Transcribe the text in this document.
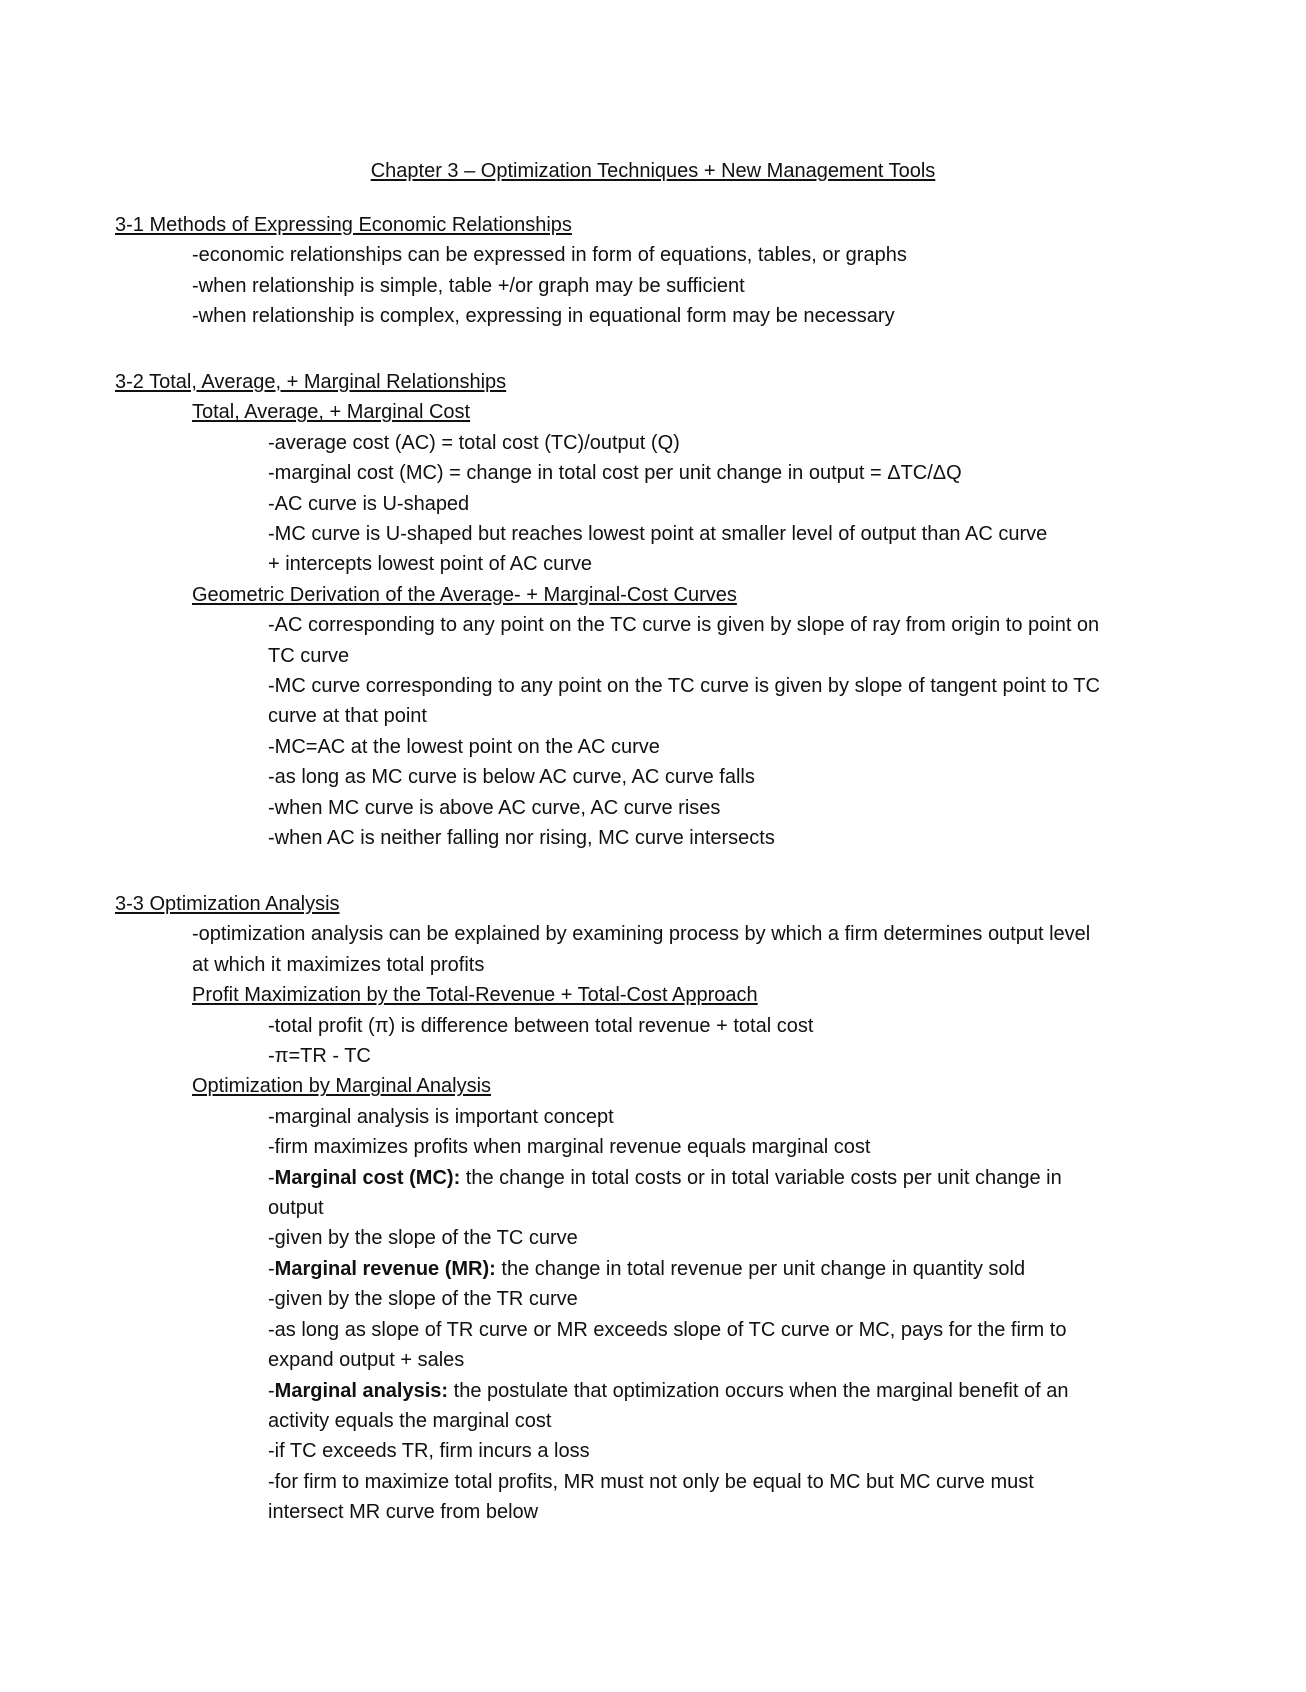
Chapter 3 – Optimization Techniques + New Management Tools
3-1 Methods of Expressing Economic Relationships
-economic relationships can be expressed in form of equations, tables, or graphs
-when relationship is simple, table +/or graph may be sufficient
-when relationship is complex, expressing in equational form may be necessary
3-2 Total, Average, + Marginal Relationships
Total, Average, + Marginal Cost
-average cost (AC) = total cost (TC)/output (Q)
-marginal cost (MC) = change in total cost per unit change in output = ΔTC/ΔQ
-AC curve is U-shaped
-MC curve is U-shaped but reaches lowest point at smaller level of output than AC curve
+ intercepts lowest point of AC curve
Geometric Derivation of the Average- + Marginal-Cost Curves
-AC corresponding to any point on the TC curve is given by slope of ray from origin to point on TC curve
-MC curve corresponding to any point on the TC curve is given by slope of tangent point to TC curve at that point
-MC=AC at the lowest point on the AC curve
-as long as MC curve is below AC curve, AC curve falls
-when MC curve is above AC curve, AC curve rises
-when AC is neither falling nor rising, MC curve intersects
3-3 Optimization Analysis
-optimization analysis can be explained by examining process by which a firm determines output level at which it maximizes total profits
Profit Maximization by the Total-Revenue + Total-Cost Approach
-total profit (π) is difference between total revenue + total cost
-π=TR - TC
Optimization by Marginal Analysis
-marginal analysis is important concept
-firm maximizes profits when marginal revenue equals marginal cost
-Marginal cost (MC): the change in total costs or in total variable costs per unit change in output
-given by the slope of the TC curve
-Marginal revenue (MR): the change in total revenue per unit change in quantity sold
-given by the slope of the TR curve
-as long as slope of TR curve or MR exceeds slope of TC curve or MC, pays for the firm to expand output + sales
-Marginal analysis: the postulate that optimization occurs when the marginal benefit of an activity equals the marginal cost
-if TC exceeds TR, firm incurs a loss
-for firm to maximize total profits, MR must not only be equal to MC but MC curve must intersect MR curve from below
